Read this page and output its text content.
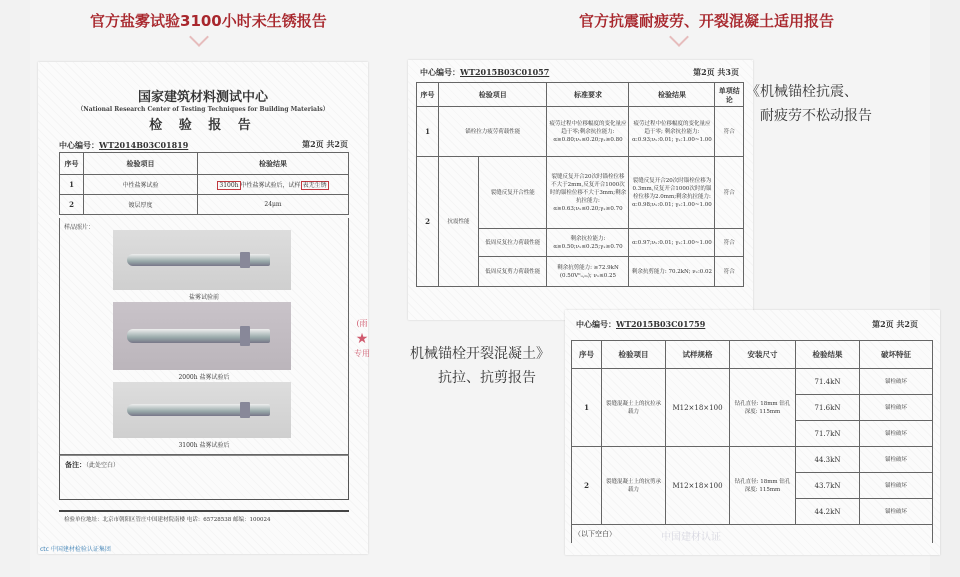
官方盐雾试验3100小时未生锈报告	官方抗震耐疲劳、开裂混凝土适用报告
国家建筑材料测试中心
（National Research Center of Testing Techniques for Building Materials）
检 验 报 告
中心编号：WT2014B03C01819	第2页 共2页
序号	检验项目	检验结果
1	中性盐雾试验	3100h 中性盐雾试验后，试样 表无生锈
2	镀层厚度	24μm
样品照片：
盐雾试验前
2000h 盐雾试验后
3100h 盐雾试验后
备注：（此处空白）
检验单位地址：北京市朝阳区管庄中国建材院南楼 电话：65728538 邮编：100024
ctc 中国建材检验认证集团
(雨
★
专用
中心编号：WT2015B03C01057	第2页 共3页
序号	检验项目		标准要求	检验结果	单项结论
1	锚栓拉力疲劳荷载性能		疲劳过程中位移幅度的变化量应趋于零;剩余抗拉能力: α≥0.80;νₓ≤0.20;γₓ≥0.80	疲劳过程中位移幅度的变化量应趋于零; 剩余抗拉能力: α:0.93;νₓ:0.01; γₓ:1.00~1.00	符合
2	抗震性能	裂缝反复开合性能	裂缝反复开合20次时锚栓位移不大于2mm,反复开合1000次时的锚栓位移不大于3mm;剩余抗拉能力: α≥0.63;νₓ≤0.20;γₓ≥0.70	裂缝反复开合20次时锚栓位移为0.3mm,反复开合1000次时的锚栓位移为2.0mm;剩余抗拉能力: α:0.98;νₓ:0.01; γₓ:1.00~1.00	符合
		低周反复拉力荷载性能	剩余抗拉能力: α≥0.50;νₓ≤0.25;γₓ≥0.70	α:0.97;νₓ:0.01; γₓ:1.00~1.00	符合
		低周反复剪力荷载性能	剩余抗剪能力: ≥72.9kN (0.50V⁰ᵤ,ₘ); νₓ≤0.25	剩余抗剪能力: 70.2kN; νₓ:0.02	符合
《机械锚栓抗震、
耐疲劳不松动报告
中心编号：WT2015B03C01759	第2页 共2页
序号	检验项目	试样规格	安装尺寸	检验结果	破坏特征
1	裂缝混凝土上的抗拉承载力	M12×18×100	钻孔直径: 18mm 钻孔深度: 115mm	71.4kN	锚栓破坏
				71.6kN	锚栓破坏
				71.7kN	锚栓破坏
2	裂缝混凝土上的抗剪承载力	M12×18×100	钻孔直径: 18mm 钻孔深度: 115mm	44.3kN	锚栓破坏
				43.7kN	锚栓破坏
				44.2kN	锚栓破坏
（以下空白）						中国建材认证
机械锚栓开裂混凝土》
抗拉、抗剪报告
